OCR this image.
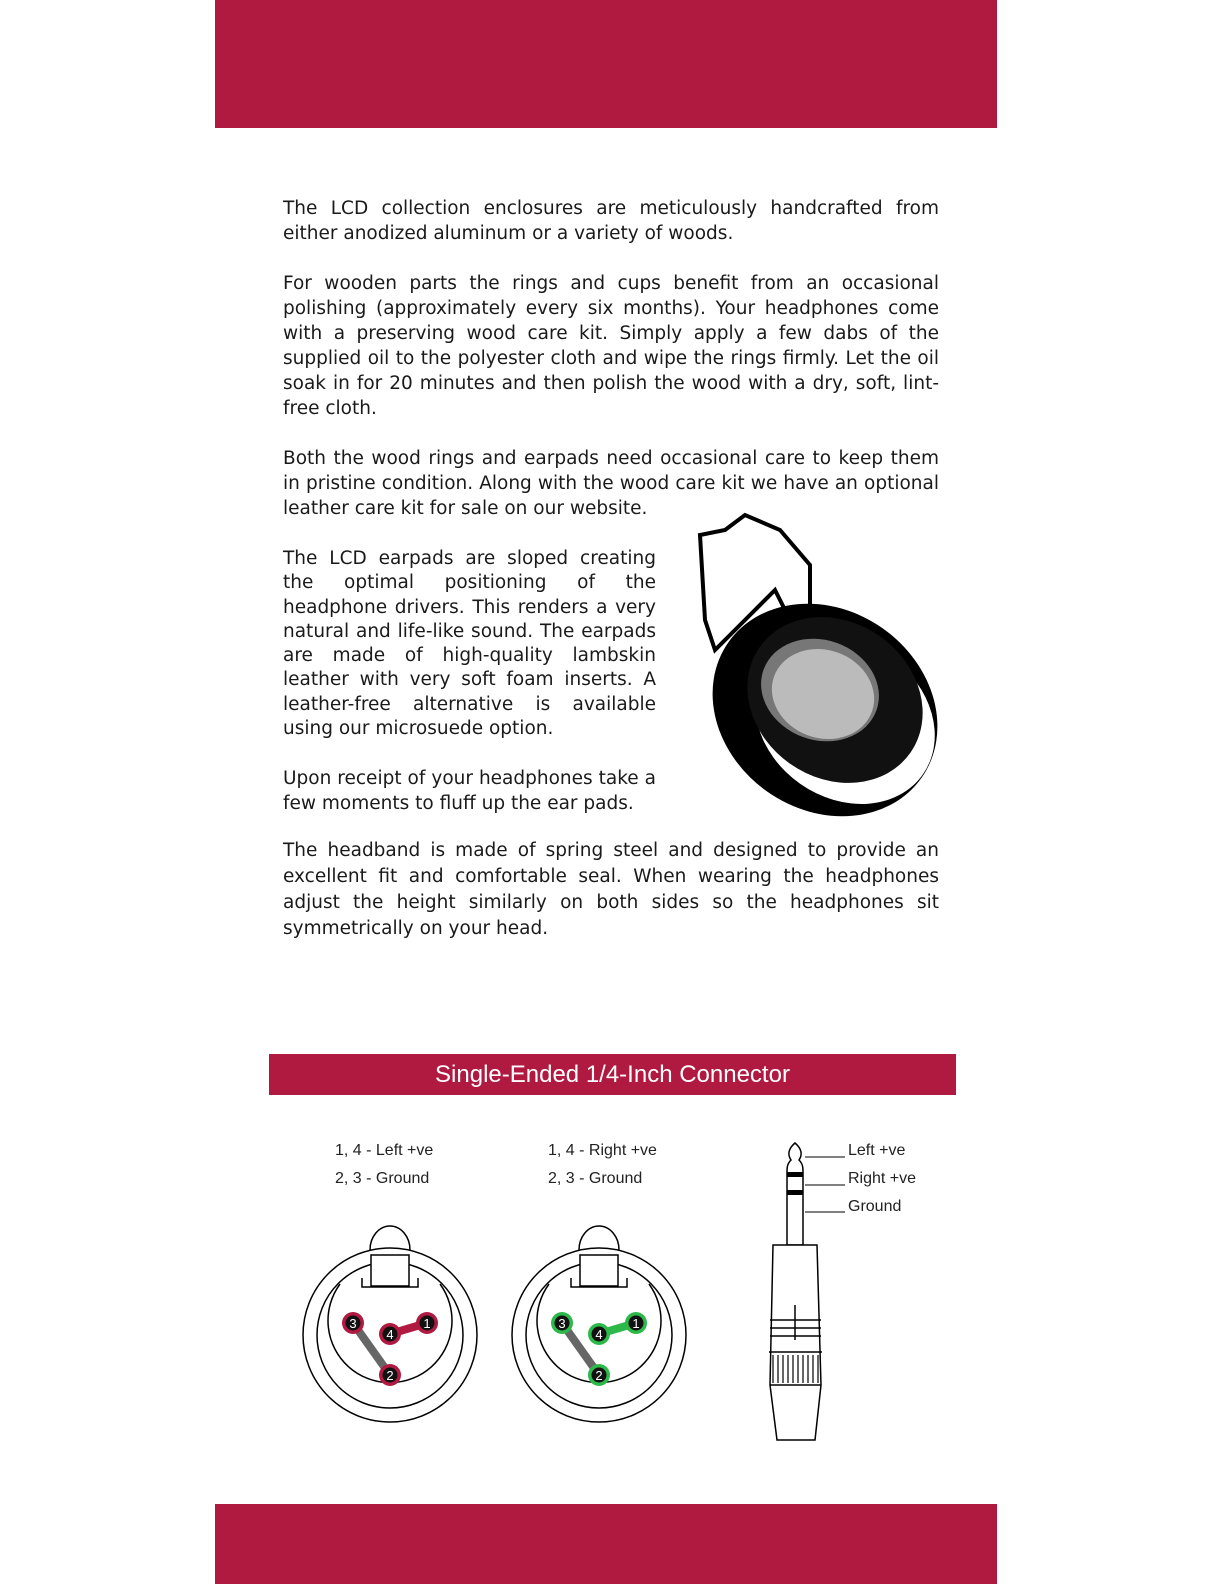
The LCD collection enclosures are meticulously handcrafted from either anodized aluminum or a variety of woods.

For wooden parts the rings and cups benefit from an occasional polishing (approximately every six months). Your headphones come with a preserving wood care kit. Simply apply a few dabs of the supplied oil to the polyester cloth and wipe the rings firmly. Let the oil soak in for 20 minutes and then polish the wood with a dry, soft, lint-free cloth.

Both the wood rings and earpads need occasional care to keep them in pristine condition. Along with the wood care kit we have an optional leather care kit for sale on our website.

The LCD earpads are sloped creating the optimal positioning of the headphone drivers. This renders a very natural and life-like sound. The earpads are made of high-quality lambskin leather with very soft foam inserts. A leather-free alternative is available using our microsuede option.

Upon receipt of your headphones take a few moments to fluff up the ear pads.

The headband is made of spring steel and designed to provide an excellent fit and comfortable seal. When wearing the headphones adjust the height similarly on both sides so the headphones sit symmetrically on your head.

Single-Ended 1/4-Inch Connector
1, 4 - Left +ve
2, 3 - Ground
1, 4 - Right +ve
2, 3 - Ground
Left +ve
Right +ve
Ground
1
2
3
4
1
2
3
4
